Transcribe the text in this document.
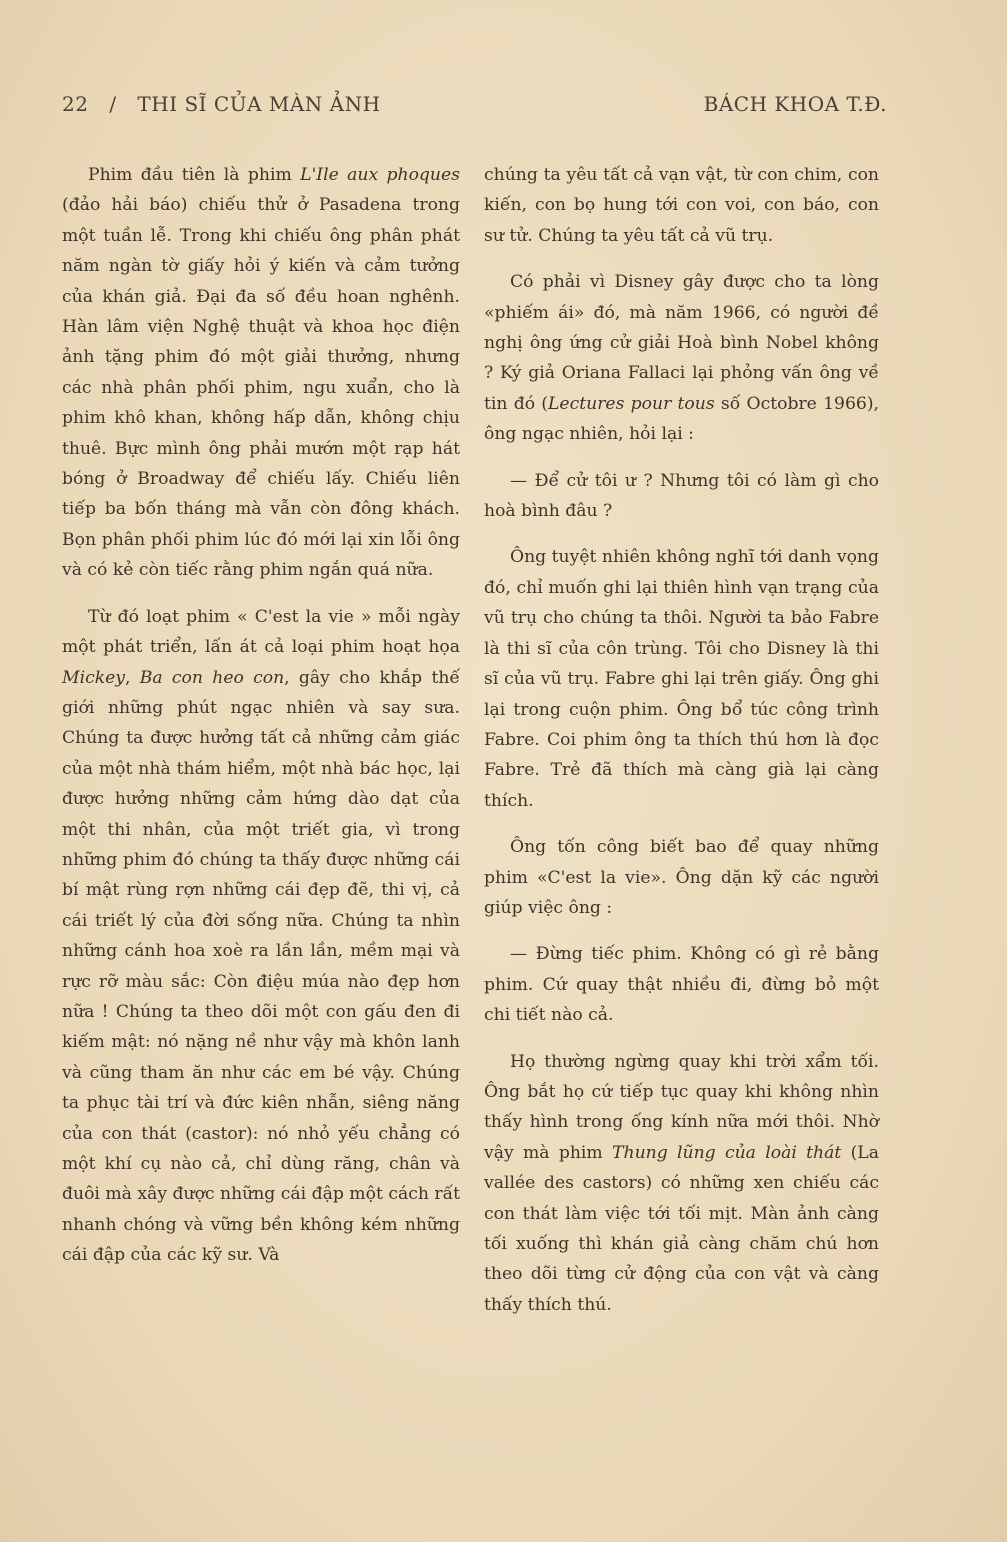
22 / THI SĨ CỦA MÀN ẢNH	BÁCH KHOA T.Đ.

Phim đầu tiên là phim L'Ile aux phoques (đảo hải báo) chiếu thử ở Pasadena trong một tuần lễ. Trong khi chiếu ông phân phát năm ngàn tờ giấy hỏi ý kiến và cảm tưởng của khán giả. Đại đa số đều hoan nghênh. Hàn lâm viện Nghệ thuật và khoa học điện ảnh tặng phim đó một giải thưởng, nhưng các nhà phân phối phim, ngu xuẩn, cho là phim khô khan, không hấp dẫn, không chịu thuê. Bực mình ông phải mướn một rạp hát bóng ở Broadway để chiếu lấy. Chiếu liên tiếp ba bốn tháng mà vẫn còn đông khách. Bọn phân phối phim lúc đó mới lại xin lỗi ông và có kẻ còn tiếc rằng phim ngắn quá nữa.

Từ đó loạt phim « C'est la vie » mỗi ngày một phát triển, lấn át cả loại phim hoạt họa Mickey, Ba con heo con, gây cho khắp thế giới những phút ngạc nhiên và say sưa. Chúng ta được hưởng tất cả những cảm giác của một nhà thám hiểm, một nhà bác học, lại được hưởng những cảm hứng dào dạt của một thi nhân, của một triết gia, vì trong những phim đó chúng ta thấy được những cái bí mật rùng rợn những cái đẹp đẽ, thi vị, cả cái triết lý của đời sống nữa. Chúng ta nhìn những cánh hoa xoè ra lần lần, mềm mại và rực rỡ màu sắc: Còn điệu múa nào đẹp hơn nữa ! Chúng ta theo dõi một con gấu đen đi kiếm mật: nó nặng nề như vậy mà khôn lanh và cũng tham ăn như các em bé vậy. Chúng ta phục tài trí và đức kiên nhẫn, siêng năng của con thát (castor): nó nhỏ yếu chẳng có một khí cụ nào cả, chỉ dùng răng, chân và đuôi mà xây được những cái đập một cách rất nhanh chóng và vững bền không kém những cái đập của các kỹ sư. Và

chúng ta yêu tất cả vạn vật, từ con chim, con kiến, con bọ hung tới con voi, con báo, con sư tử. Chúng ta yêu tất cả vũ trụ.

Có phải vì Disney gây được cho ta lòng «phiếm ái» đó, mà năm 1966, có người đề nghị ông ứng cử giải Hoà bình Nobel không ? Ký giả Oriana Fallaci lại phỏng vấn ông về tin đó (Lectures pour tous số Octobre 1966), ông ngạc nhiên, hỏi lại :

— Để cử tôi ư ? Nhưng tôi có làm gì cho hoà bình đâu ?

Ông tuyệt nhiên không nghĩ tới danh vọng đó, chỉ muốn ghi lại thiên hình vạn trạng của vũ trụ cho chúng ta thôi. Người ta bảo Fabre là thi sĩ của côn trùng. Tôi cho Disney là thi sĩ của vũ trụ. Fabre ghi lại trên giấy. Ông ghi lại trong cuộn phim. Ông bổ túc công trình Fabre. Coi phim ông ta thích thú hơn là đọc Fabre. Trẻ đã thích mà càng già lại càng thích.

Ông tốn công biết bao để quay những phim «C'est la vie». Ông dặn kỹ các người giúp việc ông :

— Đừng tiếc phim. Không có gì rẻ bằng phim. Cứ quay thật nhiều đi, đừng bỏ một chi tiết nào cả.

Họ thường ngừng quay khi trời xẩm tối. Ông bắt họ cứ tiếp tục quay khi không nhìn thấy hình trong ống kính nữa mới thôi. Nhờ vậy mà phim Thung lũng của loài thát (La vallée des castors) có những xen chiếu các con thát làm việc tới tối mịt. Màn ảnh càng tối xuống thì khán giả càng chăm chú hơn theo dõi từng cử động của con vật và càng thấy thích thú.
